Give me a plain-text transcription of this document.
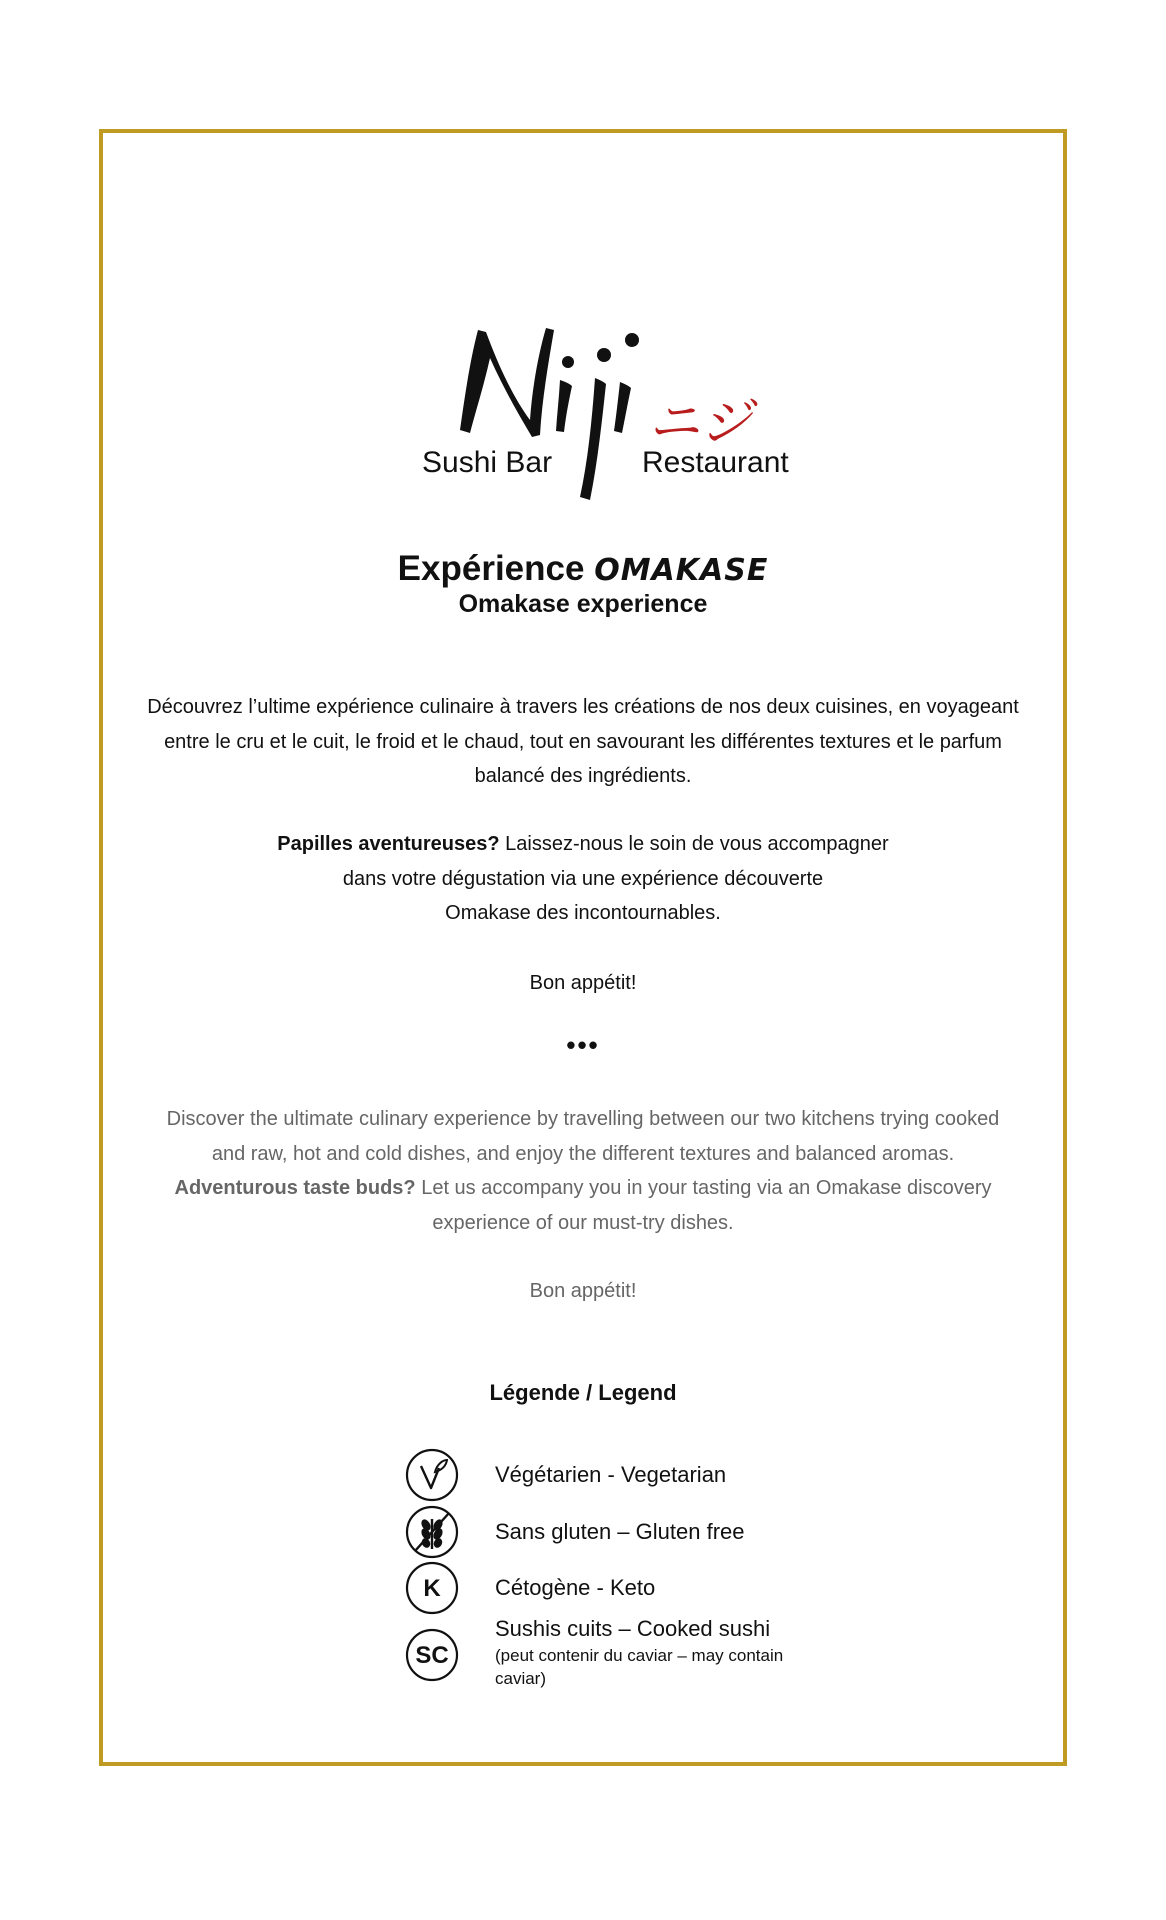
ニジ
Sushi Bar	Restaurant
Expérience OMAKASE
Omakase experience
Découvrez l’ultime expérience culinaire à travers les créations de nos deux cuisines, en voyageant
entre le cru et le cuit, le froid et le chaud, tout en savourant les différentes textures et le parfum
balancé des ingrédients.
Papilles aventureuses? Laissez-nous le soin de vous accompagner
dans votre dégustation via une expérience découverte
Omakase des incontournables.
Bon appétit!
•••
Discover the ultimate culinary experience by travelling between our two kitchens trying cooked
and raw, hot and cold dishes, and enjoy the different textures and balanced aromas.
Adventurous taste buds? Let us accompany you in your tasting via an Omakase discovery
experience of our must-try dishes.
Bon appétit!
Légende / Legend
Végétarien - Vegetarian
Sans gluten – Gluten free
K Cétogène - Keto
SC
Sushis cuits – Cooked sushi
(peut contenir du caviar – may contain caviar)
